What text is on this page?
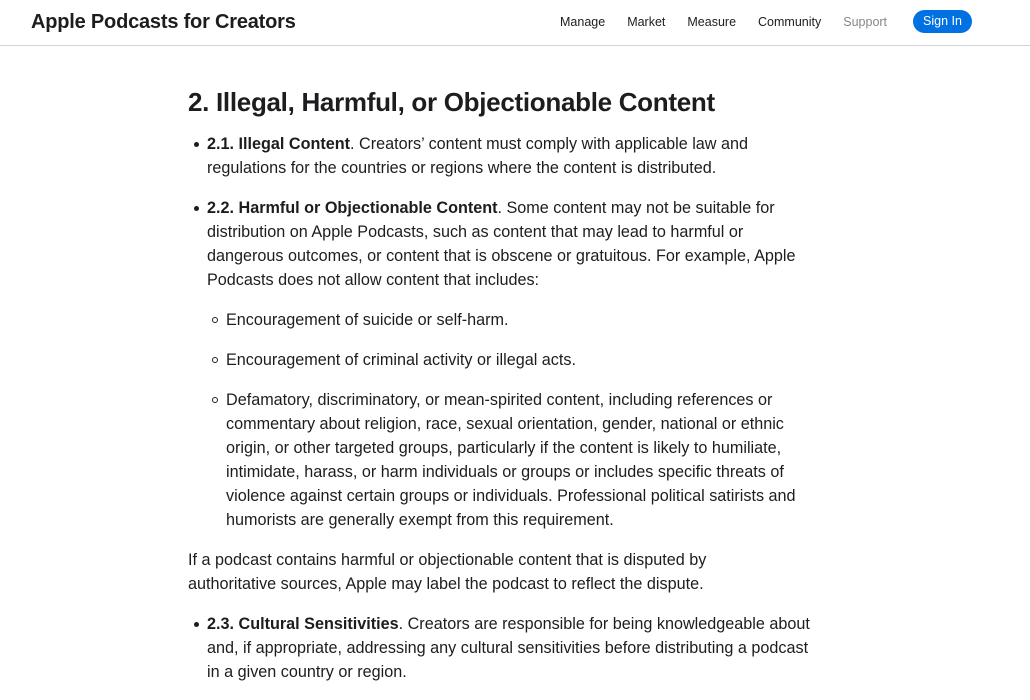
Apple Podcasts for Creators	Manage Market Measure Community Support	Sign In
2. Illegal, Harmful, or Objectionable Content
2.1. Illegal Content. Creators’ content must comply with applicable law and regulations for the countries or regions where the content is distributed.
2.2. Harmful or Objectionable Content. Some content may not be suitable for distribution on Apple Podcasts, such as content that may lead to harmful or dangerous outcomes, or content that is obscene or gratuitous. For example, Apple Podcasts does not allow content that includes:
Encouragement of suicide or self-harm.
Encouragement of criminal activity or illegal acts.
Defamatory, discriminatory, or mean-spirited content, including references or commentary about religion, race, sexual orientation, gender, national or ethnic origin, or other targeted groups, particularly if the content is likely to humiliate, intimidate, harass, or harm individuals or groups or includes specific threats of violence against certain groups or individuals. Professional political satirists and humorists are generally exempt from this requirement.

If a podcast contains harmful or objectionable content that is disputed by authoritative sources, Apple may label the podcast to reflect the dispute.

2.3. Cultural Sensitivities. Creators are responsible for being knowledgeable about and, if appropriate, addressing any cultural sensitivities before distributing a podcast in a given country or region.
